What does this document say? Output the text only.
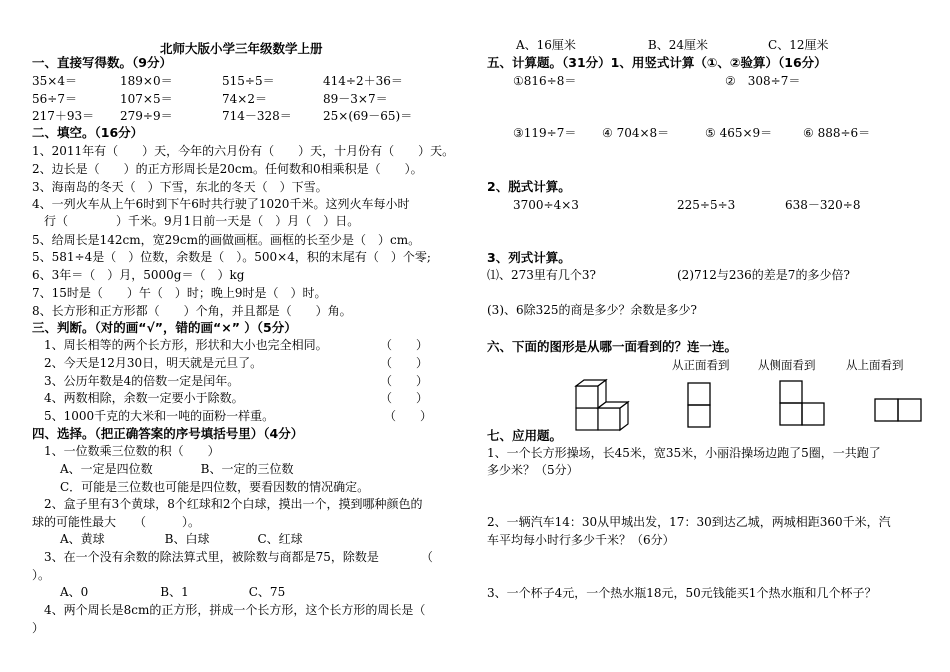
北师大版小学三年级数学上册
一、直接写得数。（9分）
35×4＝	189×0＝	515÷5＝	414÷2＋36＝
56÷7＝	107×5＝	74×2＝	89－3×7＝
217＋93＝ 279÷9＝	714－328＝	25×(69－65)＝
二、填空。（16分）
1、2011年有（　　）天，今年的六月份有（　　）天，十月份有（　　）天。
2、边长是（　　）的正方形周长是20cm。任何数和0相乘积是（　　）。
3、海南岛的冬天（　）下雪，东北的冬天（　）下雪。
4、一列火车从上午6时到下午6时共行驶了1020千米。这列火车每小时
　行（　　　　）千米。9月1日前一天是（　）月（　）日。
5、给周长是142cm，宽29cm的画做画框。画框的长至少是（　）cm。
5、581÷4是（　）位数，余数是（　）。500×4，积的末尾有（　）个零;
6、3年＝（　）月，5000g＝（　）kg
7、15时是（　　）午（　）时；晚上9时是（　）时。
8、长方形和正方形都（　　）个角，并且都是（　　）角。
三、判断。（对的画“√”，错的画“×” ）（5分）
1、周长相等的两个长方形，形状和大小也完全相同。	（　　）
2、今天是12月30日，明天就是元旦了。	（　　）
3、公历年数是4的倍数一定是闰年。	（　　）
4、两数相除，余数一定要小于除数。	（　　）
5、1000千克的大米和一吨的面粉一样重。	（　　）
四、选择。（把正确答案的序号填括号里）（4分）
1、一位数乘三位数的积（　　）
A、一定是四位数　　　　B、一定的三位数
C．可能是三位数也可能是四位数，要看因数的情况确定。
2、盒子里有3个黄球，8个红球和2个白球，摸出一个，摸到哪种颜色的
球的可能性最大　　（　　　）。
A、黄球　　　　　B、白球　　　　C、红球
3、在一个没有余数的除法算式里，被除数与商都是75，除数是　　　　（
）。
A、0　　　　　　B、1　　　　　C、75
4、两个周长是8cm的正方形，拼成一个长方形，这个长方形的周长是（
）
A、16厘米　　　　　　B、24厘米　　　　　C、12厘米
五、计算题。（31分）1、用竖式计算（①、②验算）（16分）
①816÷8＝	②　308÷7＝
③119÷7＝ ④ 704×8＝	⑤ 465×9＝	⑥ 888÷6＝
2、脱式计算。
3700÷4×3	225÷5÷3	638－320÷8
3、列式计算。
⑴、273里有几个3?	(2)712与236的差是7的多少倍?
(3)、6除325的商是多少？余数是多少?
六、下面的图形是从哪一面看到的？连一连。
从正面看到 从侧面看到	从上面看到
七、应用题。
1、一个长方形操场，长45米，宽35米，小丽沿操场边跑了5圈，一共跑了
多少米？（5分）
2、一辆汽车14：30从甲城出发，17：30到达乙城，两城相距360千米，汽
车平均每小时行多少千米？（6分）
3、一个杯子4元，一个热水瓶18元，50元钱能买1个热水瓶和几个杯子？
